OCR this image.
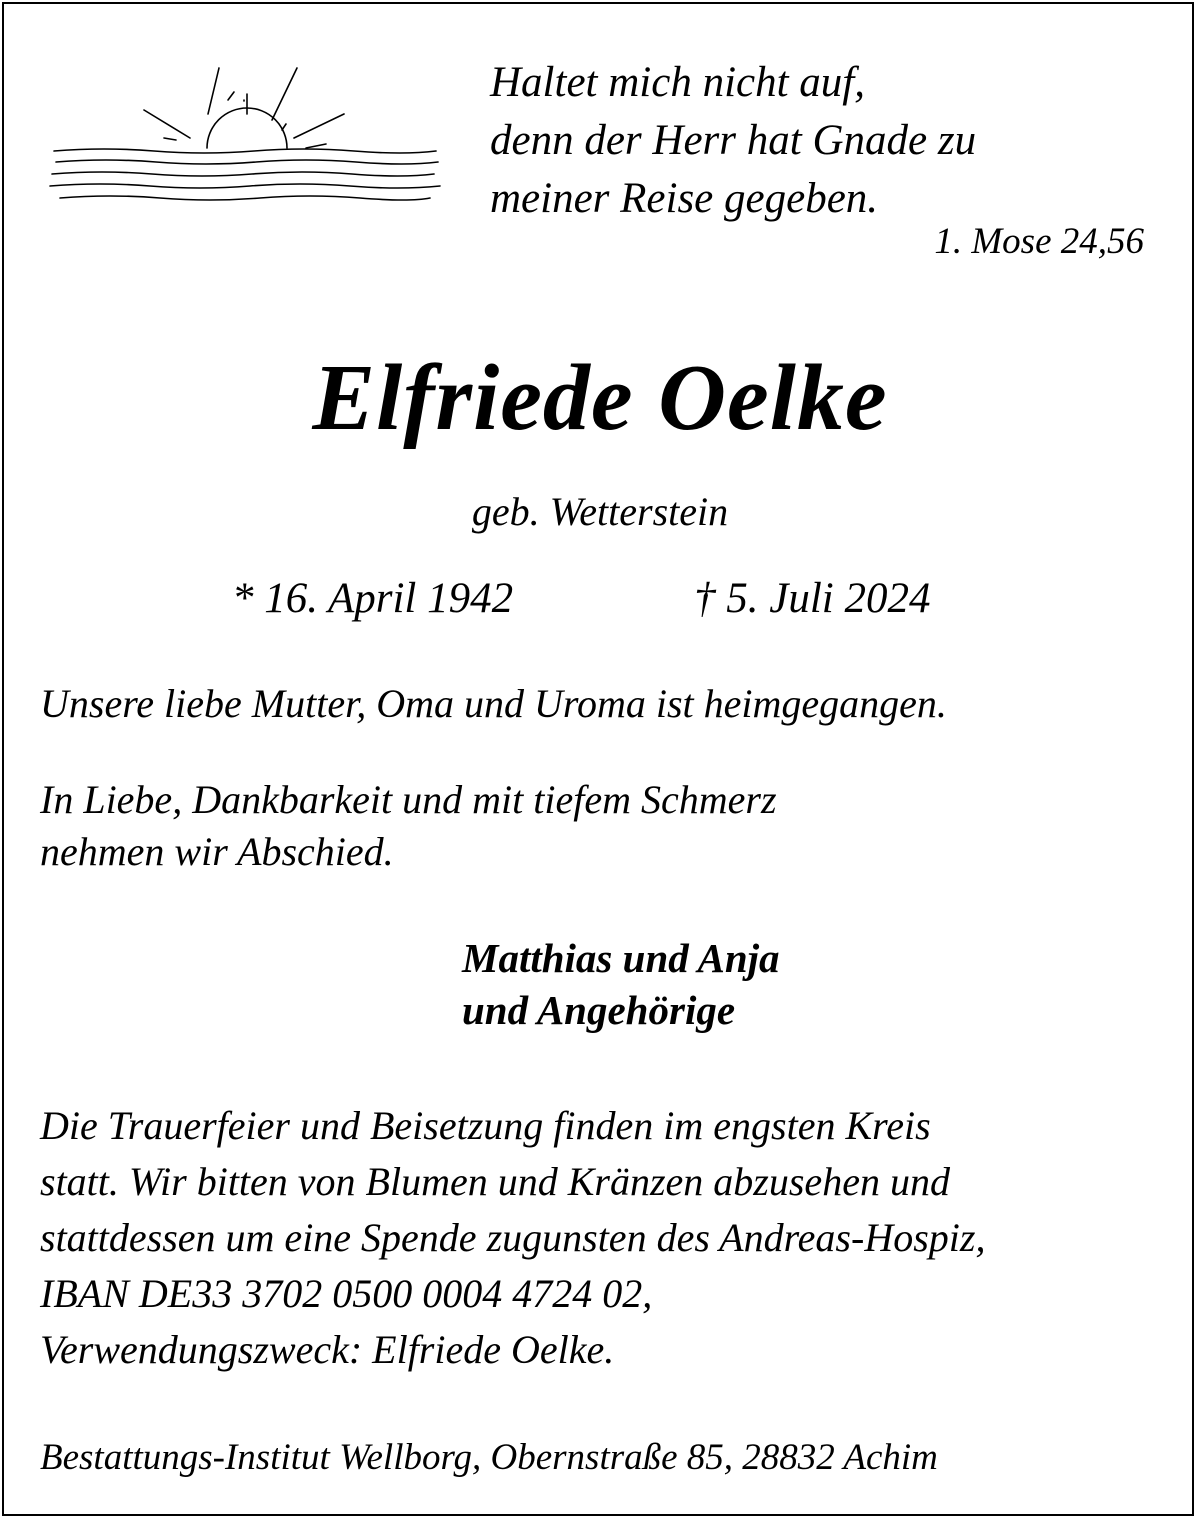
Haltet mich nicht auf,
denn der Herr hat Gnade zu
meiner Reise gegeben.
1. Mose 24,56
Elfriede Oelke
geb. Wetterstein
* 16. April 1942	† 5. Juli 2024
Unsere liebe Mutter, Oma und Uroma ist heimgegangen.
In Liebe, Dankbarkeit und mit tiefem Schmerz
nehmen wir Abschied.
Matthias und Anja
und Angehörige
Die Trauerfeier und Beisetzung finden im engsten Kreis
statt. Wir bitten von Blumen und Kränzen abzusehen und
stattdessen um eine Spende zugunsten des Andreas-Hospiz,
IBAN DE33 3702 0500 0004 4724 02,
Verwendungszweck: Elfriede Oelke.
Bestattungs-Institut Wellborg, Obernstraße 85, 28832 Achim
